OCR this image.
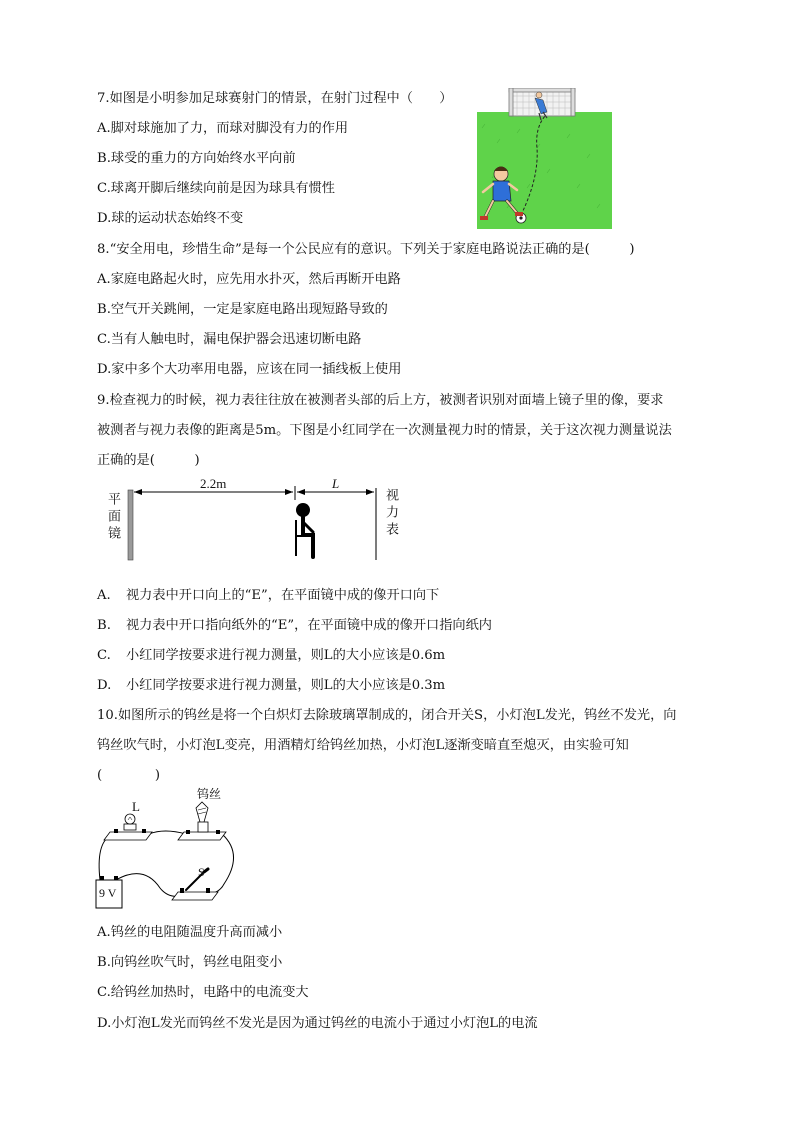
7.如图是小明参加足球赛射门的情景，在射门过程中（　　）
A.脚对球施加了力，而球对脚没有力的作用
B.球受的重力的方向始终水平向前
C.球离开脚后继续向前是因为球具有惯性
D.球的运动状态始终不变
8.“安全用电，珍惜生命”是每一个公民应有的意识。下列关于家庭电路说法正确的是(　　　)
A.家庭电路起火时，应先用水扑灭，然后再断开电路
B.空气开关跳闸，一定是家庭电路出现短路导致的
C.当有人触电时，漏电保护器会迅速切断电路
D.家中多个大功率用电器，应该在同一插线板上使用
9.检查视力的时候，视力表往往放在被测者头部的后上方，被测者识别对面墙上镜子里的像，要求
被测者与视力表像的距离是5m。下图是小红同学在一次测量视力时的情景，关于这次视力测量说法
正确的是(　　　)
2.2m	L
平面镜	视力表
A. 视力表中开口向上的“E”，在平面镜中成的像开口向下
B. 视力表中开口指向纸外的“E”，在平面镜中成的像开口指向纸内
C. 小红同学按要求进行视力测量，则L的大小应该是0.6m
D. 小红同学按要求进行视力测量，则L的大小应该是0.3m
10.如图所示的钨丝是将一个白炽灯去除玻璃罩制成的，闭合开关S，小灯泡L发光，钨丝不发光，向
钨丝吹气时，小灯泡L变亮，用酒精灯给钨丝加热，小灯泡L逐渐变暗直至熄灭，由实验可知
(　　　　)
L
钨丝
S
9 V
A.钨丝的电阻随温度升高而减小
B.向钨丝吹气时，钨丝电阻变小
C.给钨丝加热时，电路中的电流变大
D.小灯泡L发光而钨丝不发光是因为通过钨丝的电流小于通过小灯泡L的电流
